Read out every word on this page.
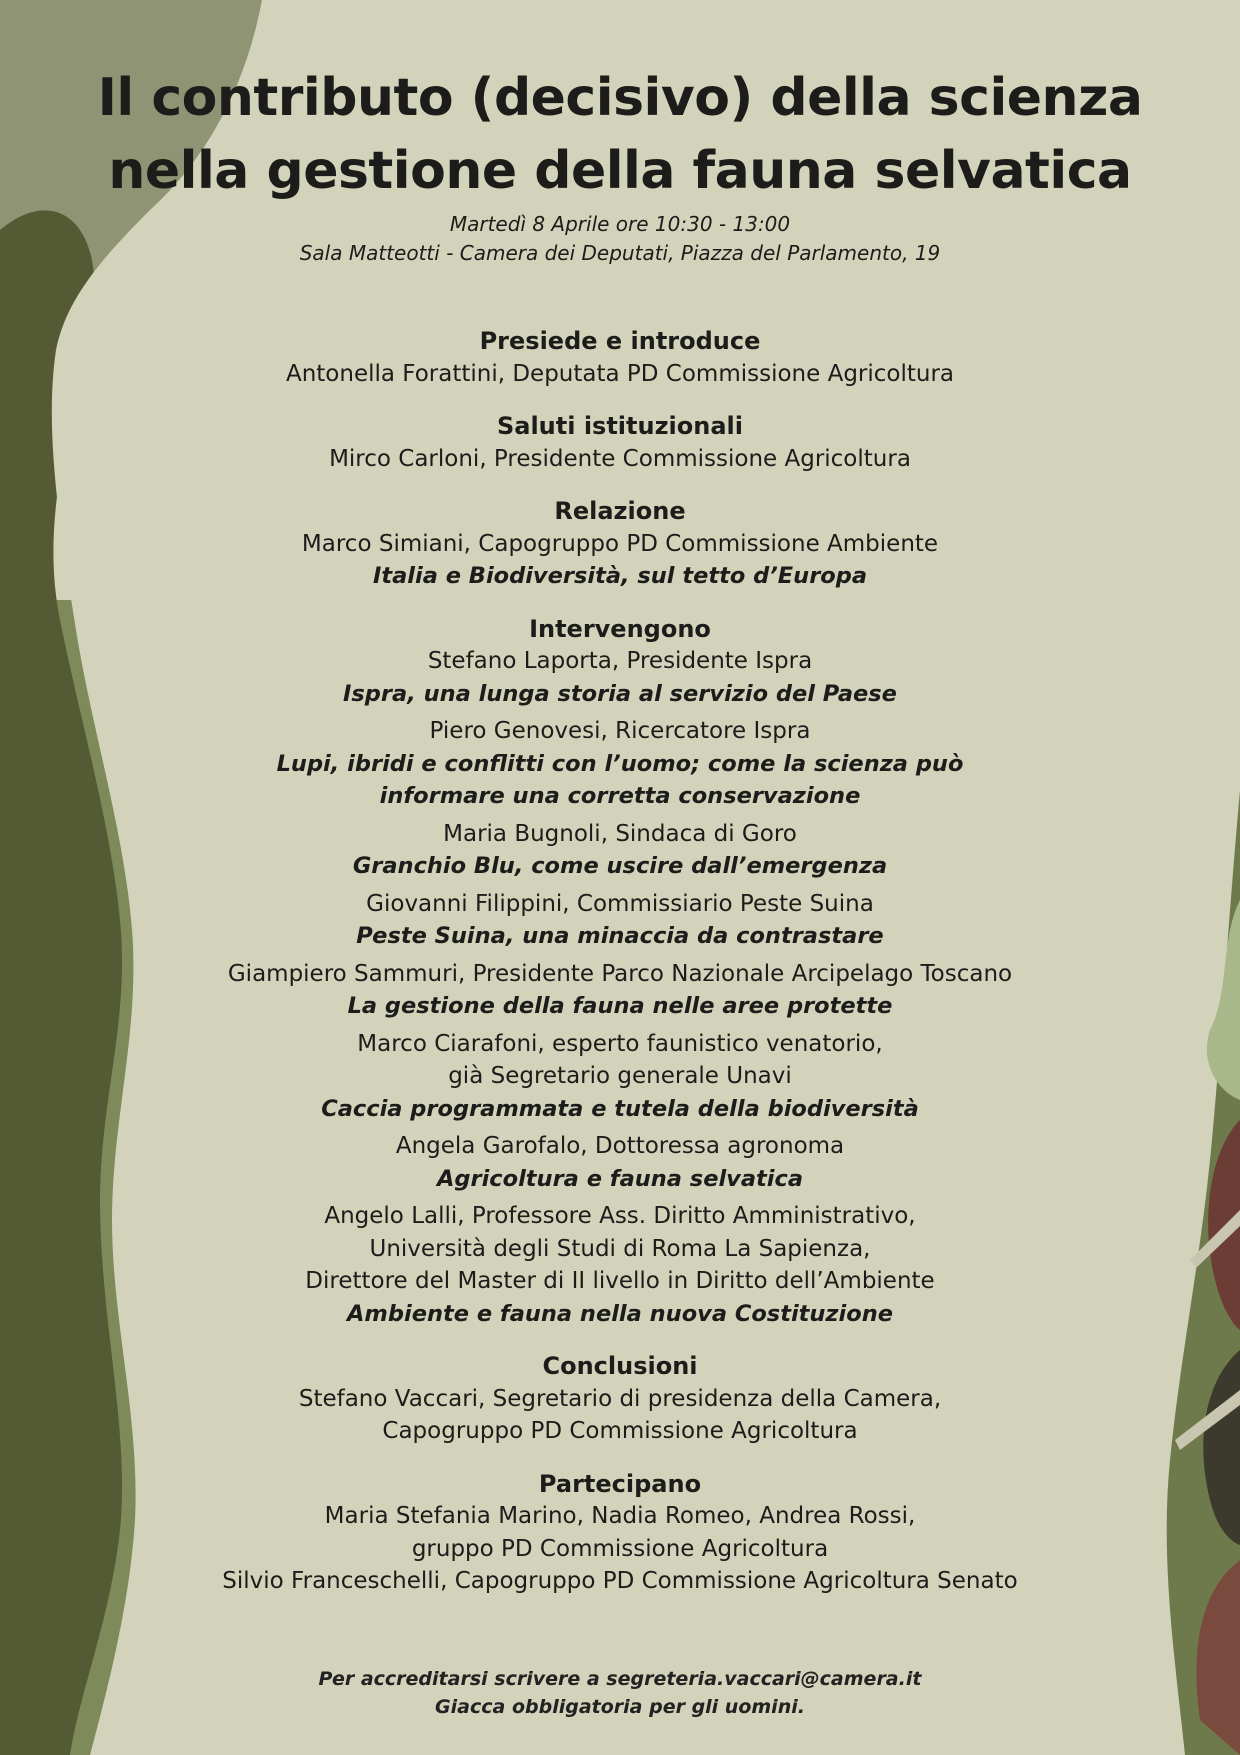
Il contributo (decisivo) della scienza
nella gestione della fauna selvatica
Martedì 8 Aprile ore 10:30 - 13:00
Sala Matteotti - Camera dei Deputati, Piazza del Parlamento, 19
Presiede e introduce
Antonella Forattini, Deputata PD Commissione Agricoltura
Saluti istituzionali
Mirco Carloni, Presidente Commissione Agricoltura
Relazione
Marco Simiani, Capogruppo PD Commissione Ambiente
Italia e Biodiversità, sul tetto d’Europa
Intervengono
Stefano Laporta, Presidente Ispra
Ispra, una lunga storia al servizio del Paese
Piero Genovesi, Ricercatore Ispra
Lupi, ibridi e conflitti con l’uomo; come la scienza può
informare una corretta conservazione
Maria Bugnoli, Sindaca di Goro
Granchio Blu, come uscire dall’emergenza
Giovanni Filippini, Commissiario Peste Suina
Peste Suina, una minaccia da contrastare
Giampiero Sammuri, Presidente Parco Nazionale Arcipelago Toscano
La gestione della fauna nelle aree protette
Marco Ciarafoni, esperto faunistico venatorio,
già Segretario generale Unavi
Caccia programmata e tutela della biodiversità
Angela Garofalo, Dottoressa agronoma
Agricoltura e fauna selvatica
Angelo Lalli, Professore Ass. Diritto Amministrativo,
Università degli Studi di Roma La Sapienza,
Direttore del Master di II livello in Diritto dell’Ambiente
Ambiente e fauna nella nuova Costituzione
Conclusioni
Stefano Vaccari, Segretario di presidenza della Camera,
Capogruppo PD Commissione Agricoltura
Partecipano
Maria Stefania Marino, Nadia Romeo, Andrea Rossi,
gruppo PD Commissione Agricoltura
Silvio Franceschelli, Capogruppo PD Commissione Agricoltura Senato
Per accreditarsi scrivere a segreteria.vaccari@camera.it
Giacca obbligatoria per gli uomini.
